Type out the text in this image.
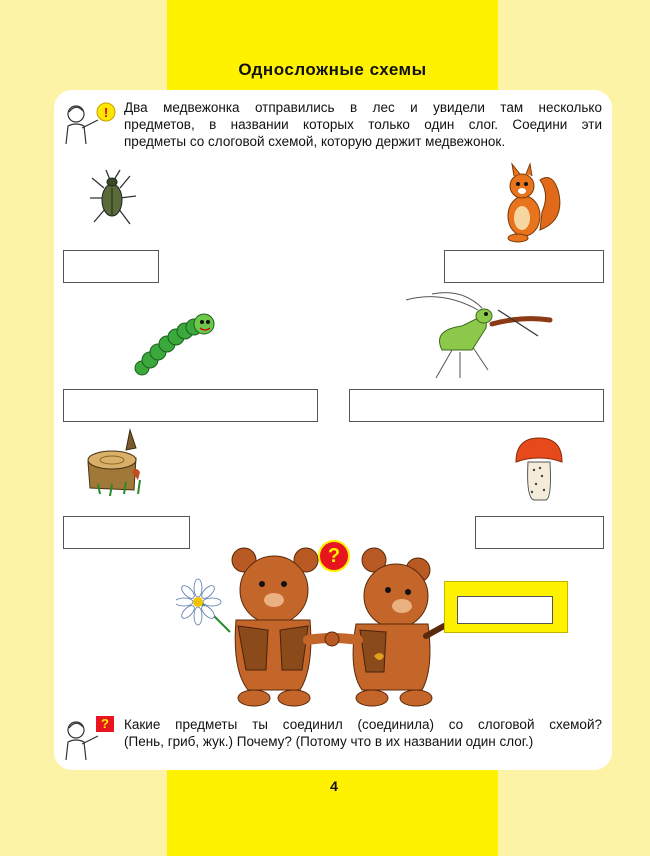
Односложные схемы
! Два медвежонка отправились в лес и увидели там несколько
предметов, в названии которых только один слог. Соедини эти
предметы со слоговой схемой, которую держит медвежонок.
?
?	Какие предметы ты соединил (соединила) со слоговой схемой?
(Пень, гриб, жук.) Почему? (Потому что в их названии один слог.)
4
